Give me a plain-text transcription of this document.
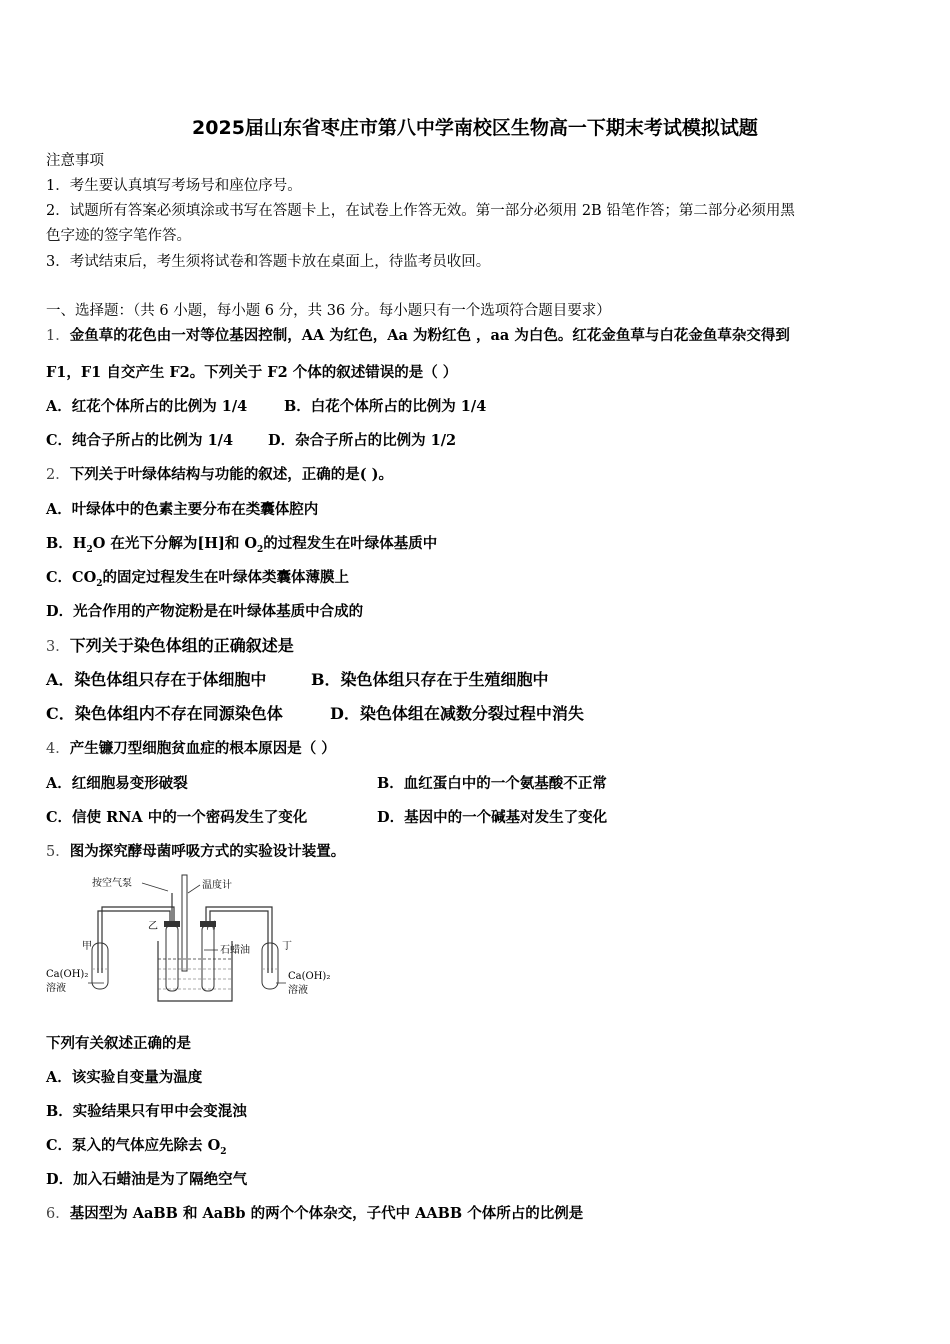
2025届山东省枣庄市第八中学南校区生物高一下期末考试模拟试题
注意事项
1．考生要认真填写考场号和座位序号。
2．试题所有答案必须填涂或书写在答题卡上，在试卷上作答无效。第一部分必须用 2B 铅笔作答；第二部分必须用黑
色字迹的签字笔作答。
3．考试结束后，考生须将试卷和答题卡放在桌面上，待监考员收回。
一、选择题：（共 6 小题，每小题 6 分，共 36 分。每小题只有一个选项符合题目要求）
1．金鱼草的花色由一对等位基因控制，AA 为红色，Aa 为粉红色 ，aa 为白色。红花金鱼草与白花金鱼草杂交得到
F1，F1 自交产生 F2。下列关于 F2 个体的叙述错误的是（ ）
A．红花个体所占的比例为 1/4	B．白花个体所占的比例为 1/4
C．纯合子所占的比例为 1/4 D．杂合子所占的比例为 1/2
2．下列关于叶绿体结构与功能的叙述，正确的是( )。
A．叶绿体中的色素主要分布在类囊体腔内
B．$H_2O$ 在光下分解为[H]和 $O_2$的过程发生在叶绿体基质中
C．$CO_2$的固定过程发生在叶绿体类囊体薄膜上
D．光合作用的产物淀粉是在叶绿体基质中合成的
3．下列关于染色体组的正确叙述是
A．染色体组只存在于体细胞中	B．染色体组只存在于生殖细胞中
C．染色体组内不存在同源染色体	D．染色体组在减数分裂过程中消失
4．产生镰刀型细胞贫血症的根本原因是（ ）
A．红细胞易变形破裂	B．血红蛋白中的一个氨基酸不正常
C．信使 RNA 中的一个密码发生了变化	D．基因中的一个碱基对发生了变化
5．图为探究酵母菌呼吸方式的实验设计装置。
按空气泵	温度计
乙
石蜡油
甲	丁
Ca(OH)₂
溶液
Ca(OH)₂
溶液
下列有关叙述正确的是
A．该实验自变量为温度
B．实验结果只有甲中会变混浊
C．泵入的气体应先除去 $O_2$
D．加入石蜡油是为了隔绝空气
6．基因型为 AaBB 和 AaBb 的两个个体杂交，子代中 AABB 个体所占的比例是
